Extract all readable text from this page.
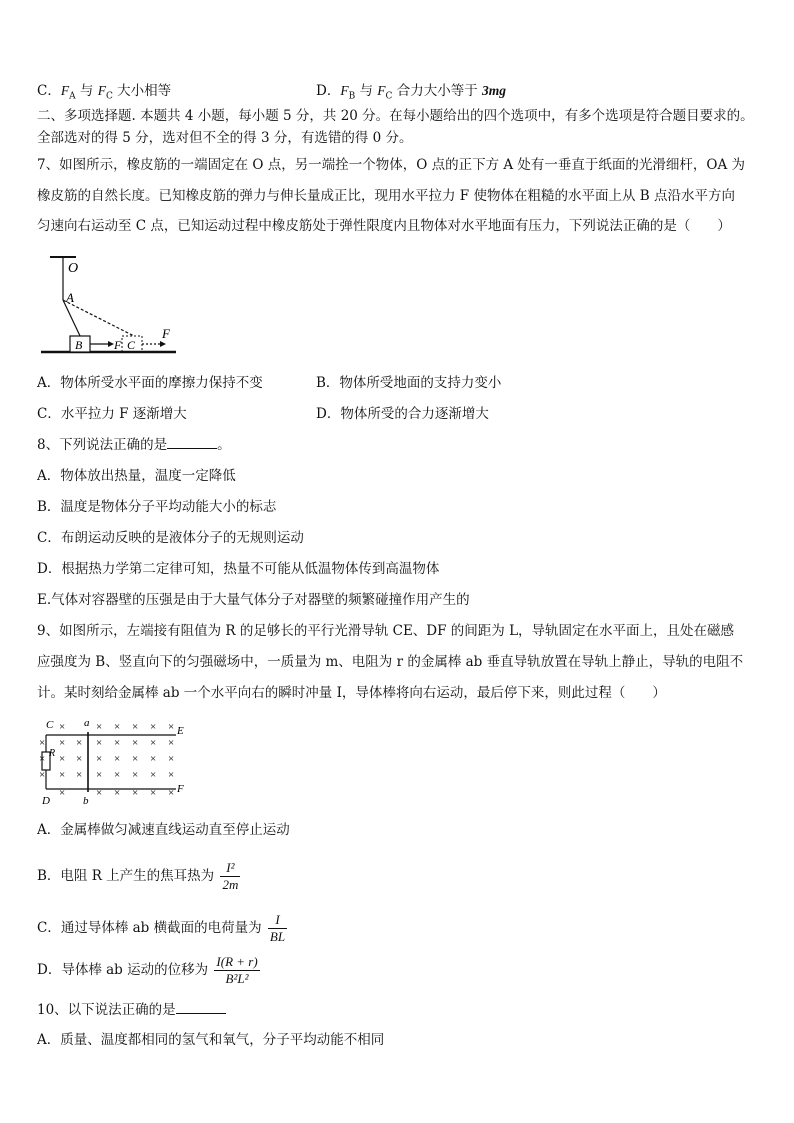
C．$F_A$ 与 $F_C$ 大小相等	D．$F_B$ 与 $F_C$ 合力大小等于 3mg
二、多项选择题. 本题共 4 小题，每小题 5 分，共 20 分。在每小题给出的四个选项中，有多个选项是符合题目要求的。
全部选对的得 5 分，选对但不全的得 3 分，有选错的得 0 分。
7、如图所示，橡皮筋的一端固定在 O 点，另一端拴一个物体，O 点的正下方 A 处有一垂直于纸面的光滑细杆，OA 为
橡皮筋的自然长度。已知橡皮筋的弹力与伸长量成正比，现用水平拉力 F 使物体在粗糙的水平面上从 B 点沿水平方向
匀速向右运动至 C 点，已知运动过程中橡皮筋处于弹性限度内且物体对水平地面有压力，下列说法正确的是（　　）
O
A
B	F C
F
A．物体所受水平面的摩擦力保持不变	B．物体所受地面的支持力变小
C．水平拉力 F 逐渐增大	D．物体所受的合力逐渐增大
8、下列说法正确的是	。
A．物体放出热量，温度一定降低
B．温度是物体分子平均动能大小的标志
C．布朗运动反映的是液体分子的无规则运动
D．根据热力学第二定律可知，热量不可能从低温物体传到高温物体
E.气体对容器壁的压强是由于大量气体分子对器壁的频繁碰撞作用产生的
9、如图所示，左端接有阻值为 R 的足够长的平行光滑导轨 CE、DF 的间距为 L，导轨固定在水平面上，且处在磁感
应强度为 B、竖直向下的匀强磁场中，一质量为 m、电阻为 r 的金属棒 ab 垂直导轨放置在导轨上静止，导轨的电阻不
计。某时刻给金属棒 ab 一个水平向右的瞬时冲量 I，导体棒将向右运动，最后停下来，则此过程（　　）
×	× × × × ×
× × × × × × × ×
× × × × × × × ×
× × × × × × × ×
×	× × × × ×
C	a
E
R
D	b
F
A．金属棒做匀减速直线运动直至停止运动
B．电阻 R 上产生的焦耳热为 $\frac{\text{I²}}{2m}$
C．通过导体棒 ab 横截面的电荷量为 $\frac{I}{BL}$
D．导体棒 ab 运动的位移为 $\frac{I(R + r)}{\text{B²L²}}$
10、以下说法正确的是
A．质量、温度都相同的氢气和氧气，分子平均动能不相同
